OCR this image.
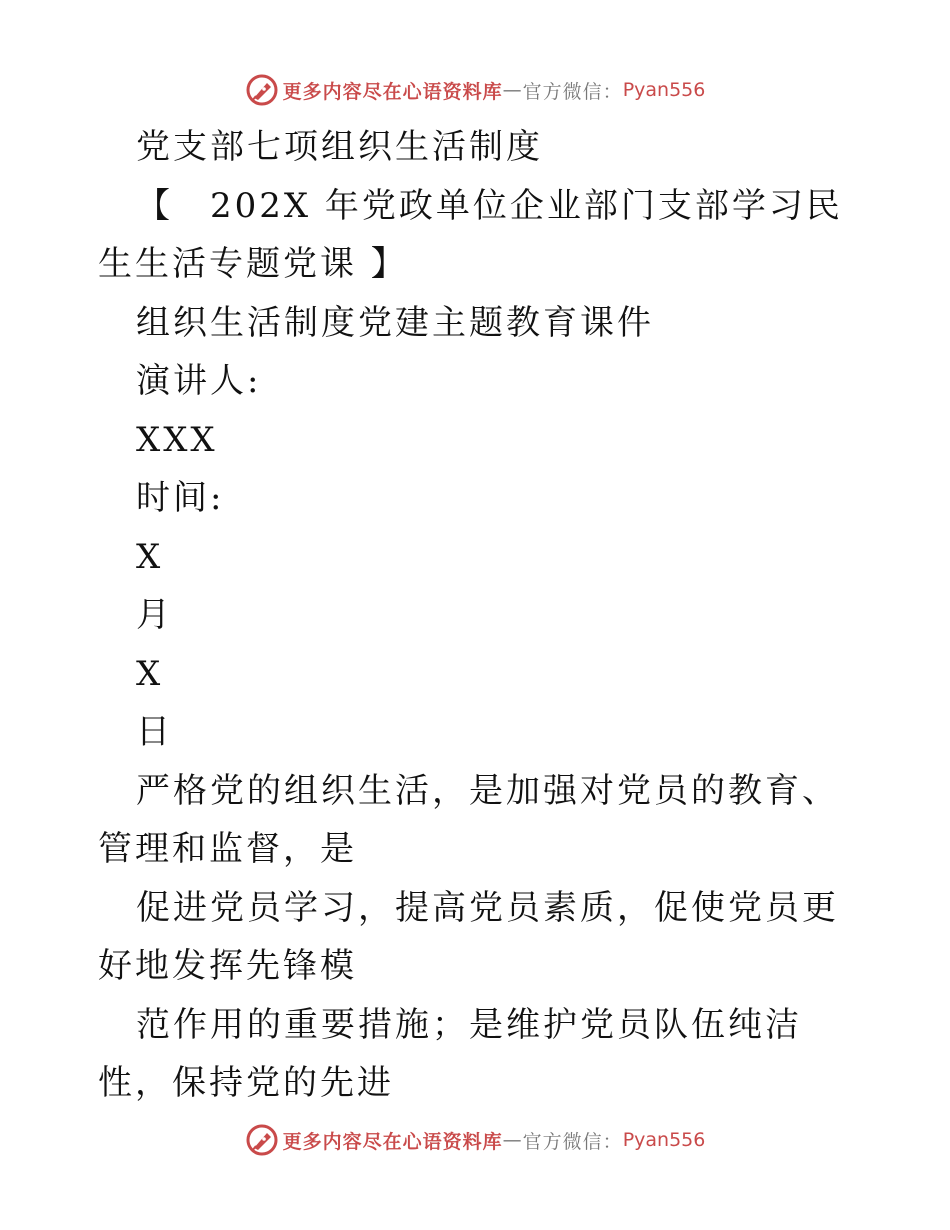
更多内容尽在心语资料库 — 官方微信： Pyan556

党支部七项组织生活制度

【　202X 年党政单位企业部门支部学习民生生活专题党课 】

组织生活制度党建主题教育课件

演讲人:

XXX

时间:

X

月

X

日

严格党的组织生活，是加强对党员的教育、管理和监督，是

促进党员学习，提高党员素质，促使党员更好地发挥先锋模

范作用的重要措施；是维护党员队伍纯洁性，保持党的先进

更多内容尽在心语资料库 — 官方微信： Pyan556
